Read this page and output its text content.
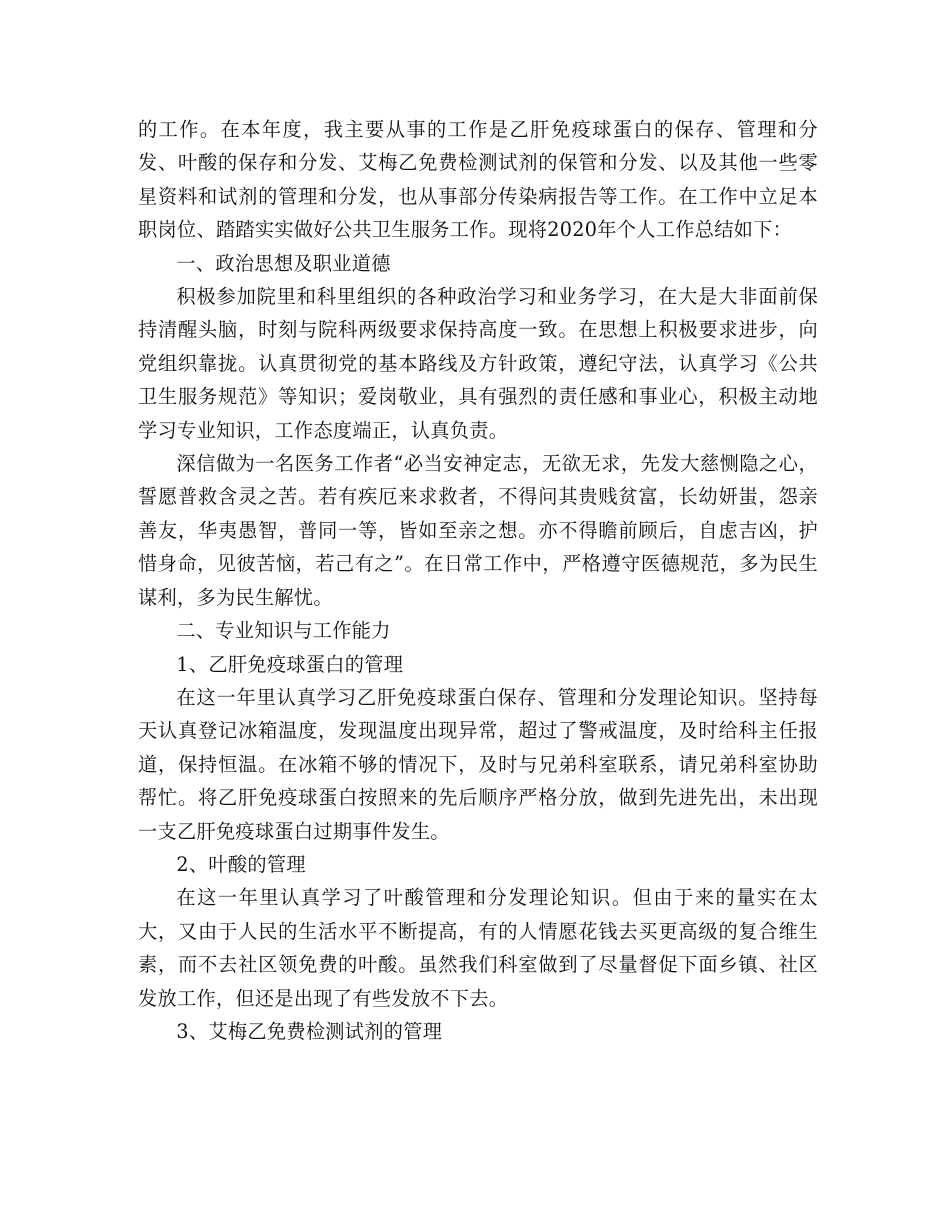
的工作。在本年度，我主要从事的工作是乙肝免疫球蛋白的保存、管理和分发、叶酸的保存和分发、艾梅乙免费检测试剂的保管和分发、以及其他一些零星资料和试剂的管理和分发，也从事部分传染病报告等工作。在工作中立足本职岗位、踏踏实实做好公共卫生服务工作。现将2020年个人工作总结如下：

一、政治思想及职业道德

积极参加院里和科里组织的各种政治学习和业务学习，在大是大非面前保持清醒头脑，时刻与院科两级要求保持高度一致。在思想上积极要求进步，向党组织靠拢。认真贯彻党的基本路线及方针政策，遵纪守法，认真学习《公共卫生服务规范》等知识；爱岗敬业，具有强烈的责任感和事业心，积极主动地学习专业知识，工作态度端正，认真负责。

深信做为一名医务工作者“必当安神定志，无欲无求，先发大慈恻隐之心，誓愿普救含灵之苦。若有疾厄来求救者，不得问其贵贱贫富，长幼妍蚩，怨亲善友，华夷愚智，普同一等，皆如至亲之想。亦不得瞻前顾后，自虑吉凶，护惜身命，见彼苦恼，若己有之”。在日常工作中，严格遵守医德规范，多为民生谋利，多为民生解忧。

二、专业知识与工作能力

1、乙肝免疫球蛋白的管理

在这一年里认真学习乙肝免疫球蛋白保存、管理和分发理论知识。坚持每天认真登记冰箱温度，发现温度出现异常，超过了警戒温度，及时给科主任报道，保持恒温。在冰箱不够的情况下，及时与兄弟科室联系，请兄弟科室协助帮忙。将乙肝免疫球蛋白按照来的先后顺序严格分放，做到先进先出，未出现一支乙肝免疫球蛋白过期事件发生。

2、叶酸的管理

在这一年里认真学习了叶酸管理和分发理论知识。但由于来的量实在太大，又由于人民的生活水平不断提高，有的人情愿花钱去买更高级的复合维生素，而不去社区领免费的叶酸。虽然我们科室做到了尽量督促下面乡镇、社区发放工作，但还是出现了有些发放不下去。

3、艾梅乙免费检测试剂的管理
